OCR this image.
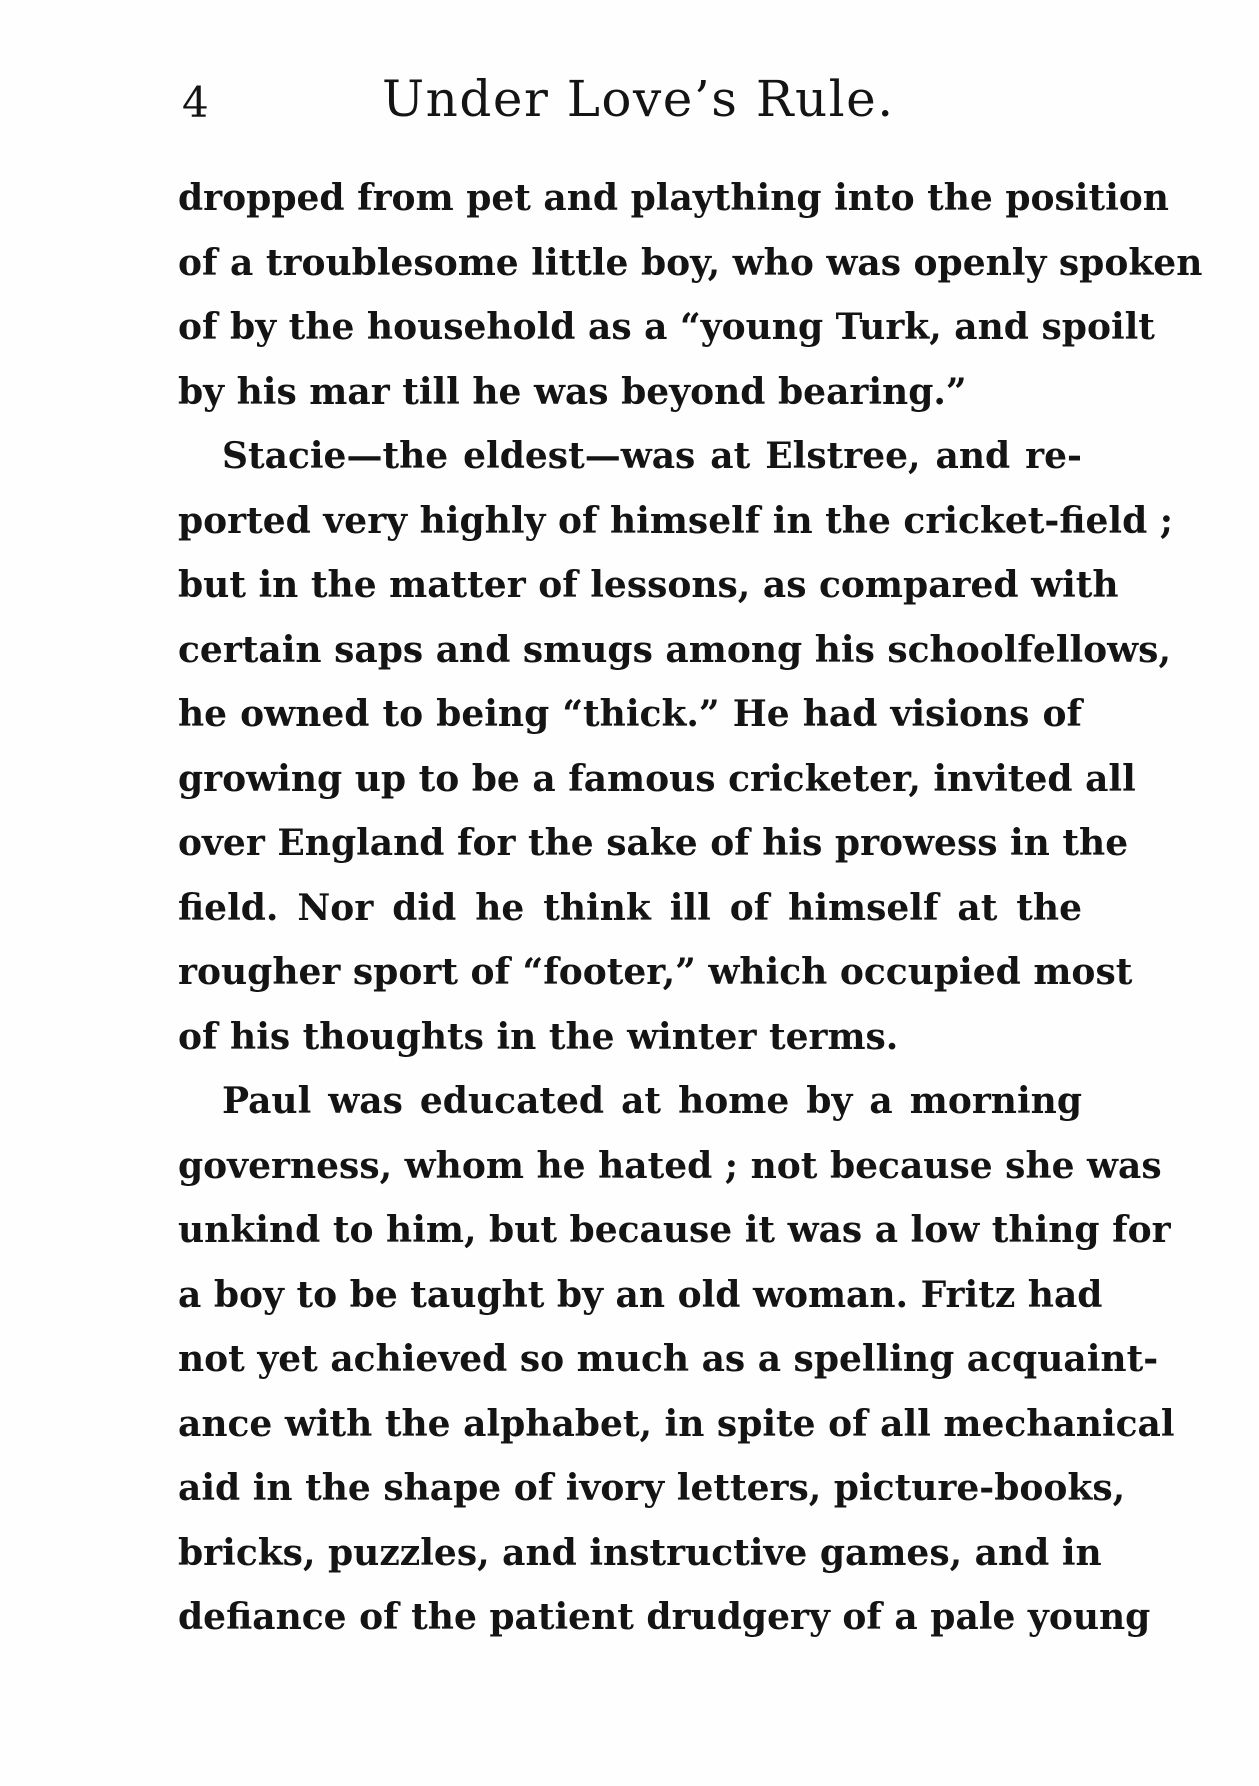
4	Under Love’s Rule.
dropped from pet and plaything into the position
of a troublesome little boy, who was openly spoken
of by the household as a “young Turk, and spoilt
by his mar till he was beyond bearing.”
Stacie—the eldest—was at Elstree, and re-
ported very highly of himself in the cricket-field ;
but in the matter of lessons, as compared with
certain saps and smugs among his schoolfellows,
he owned to being “thick.” He had visions of
growing up to be a famous cricketer, invited all
over England for the sake of his prowess in the
field. Nor did he think ill of himself at the
rougher sport of “footer,” which occupied most
of his thoughts in the winter terms.
Paul was educated at home by a morning
governess, whom he hated ; not because she was
unkind to him, but because it was a low thing for
a boy to be taught by an old woman. Fritz had
not yet achieved so much as a spelling acquaint-
ance with the alphabet, in spite of all mechanical
aid in the shape of ivory letters, picture-books,
bricks, puzzles, and instructive games, and in
defiance of the patient drudgery of a pale young
